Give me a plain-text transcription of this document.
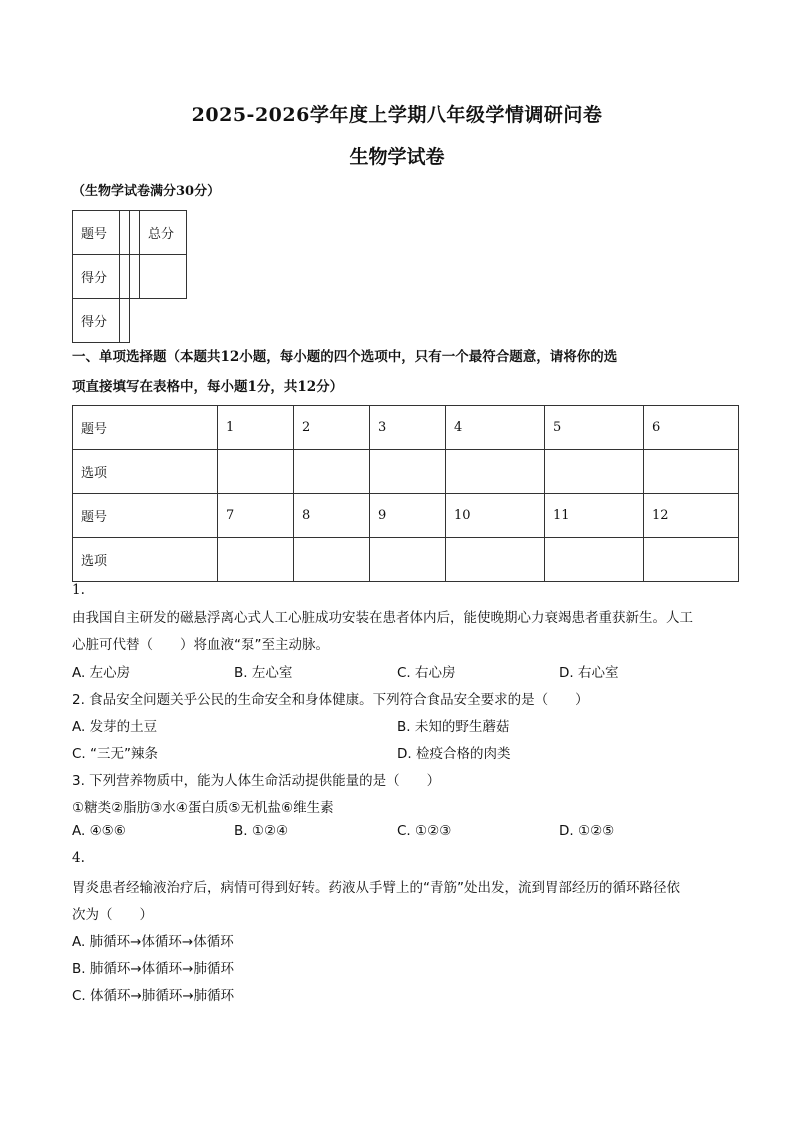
2025-2026学年度上学期八年级学情调研问卷
生物学试卷
（生物学试卷满分30分）
题号			总分
得分			
得分			
一、单项选择题（本题共12小题，每小题的四个选项中，只有一个最符合题意，请将你的选
项直接填写在表格中，每小题1分，共12分）
题号	1	2	3	4	5	6
选项						
题号	7	8	9	10	11	12
选项						
1.
由我国自主研发的磁悬浮离心式人工心脏成功安装在患者体内后，能使晚期心力衰竭患者重获新生。人工
心脏可代替（　　）将血液“泵”至主动脉。
A. 左心房	B. 左心室	C. 右心房	D. 右心室
2. 食品安全问题关乎公民的生命安全和身体健康。下列符合食品安全要求的是（　　）
A. 发芽的土豆	B. 未知的野生蘑菇
C. “三无”辣条	D. 检疫合格的肉类
3. 下列营养物质中，能为人体生命活动提供能量的是（　　）
①糖类②脂肪③水④蛋白质⑤无机盐⑥维生素
A. ④⑤⑥	B. ①②④	C. ①②③	D. ①②⑤
4.
胃炎患者经输液治疗后，病情可得到好转。药液从手臂上的“青筋”处出发，流到胃部经历的循环路径依
次为（　　）
A. 肺循环→体循环→体循环
B. 肺循环→体循环→肺循环
C. 体循环→肺循环→肺循环
